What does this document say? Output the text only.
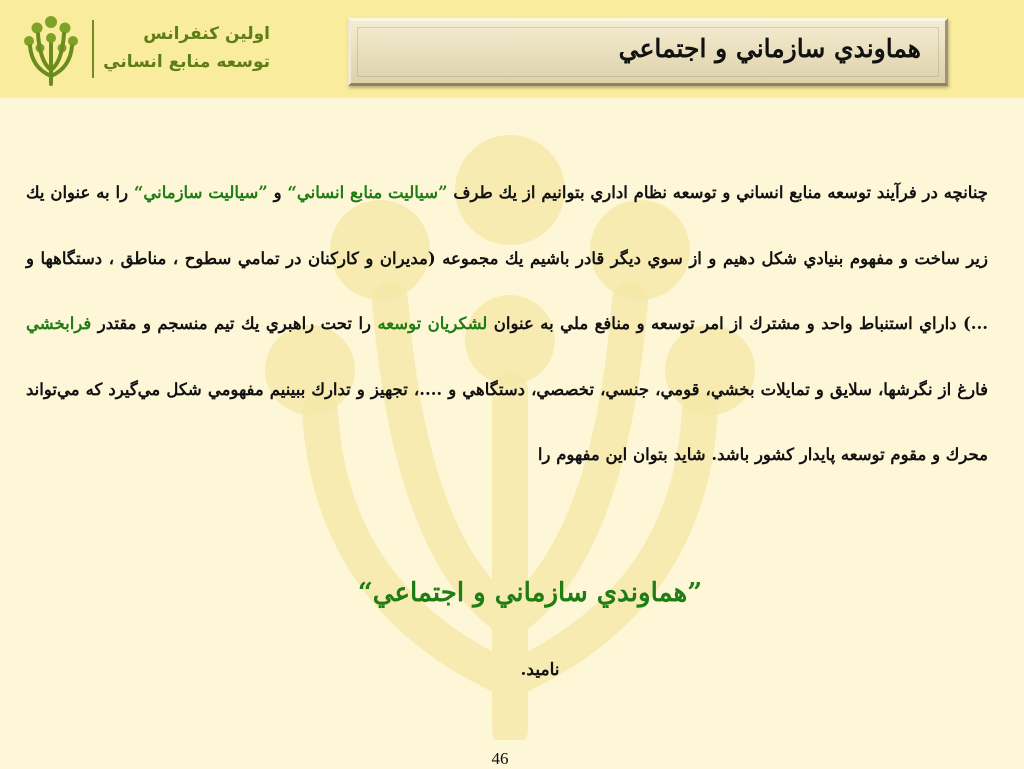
اولين كنفرانس
توسعه منابع انساني	هماوندي سازماني و اجتماعي
چنانچه در فرآيند توسعه منابع انساني و توسعه نظام اداري بتوانيم از يك طرف ”سياليت منابع انساني“ و ”سياليت سازماني“ را به عنوان يك زير ساخت و مفهوم بنيادي شكل دهيم و از سوي ديگر قادر باشيم يك مجموعه (مديران و كاركنان در تمامي سطوح ، مناطق ، دستگاهها و ...) داراي استنباط واحد و مشترك از امر توسعه و منافع ملي به عنوان لشكريان توسعه را تحت راهبري يك تيم منسجم و مقتدر فرابخشي فارغ از نگرشها، سلايق و تمايلات بخشي، قومي، جنسي، تخصصي، دستگاهي و ....، تجهيز و تدارك ببينيم مفهومي شكل مي‌گيرد كه مي‌تواند محرك و مقوم توسعه پايدار كشور باشد. شايد بتوان اين مفهوم را
”هماوندي سازماني و اجتماعي“
ناميد.
46
